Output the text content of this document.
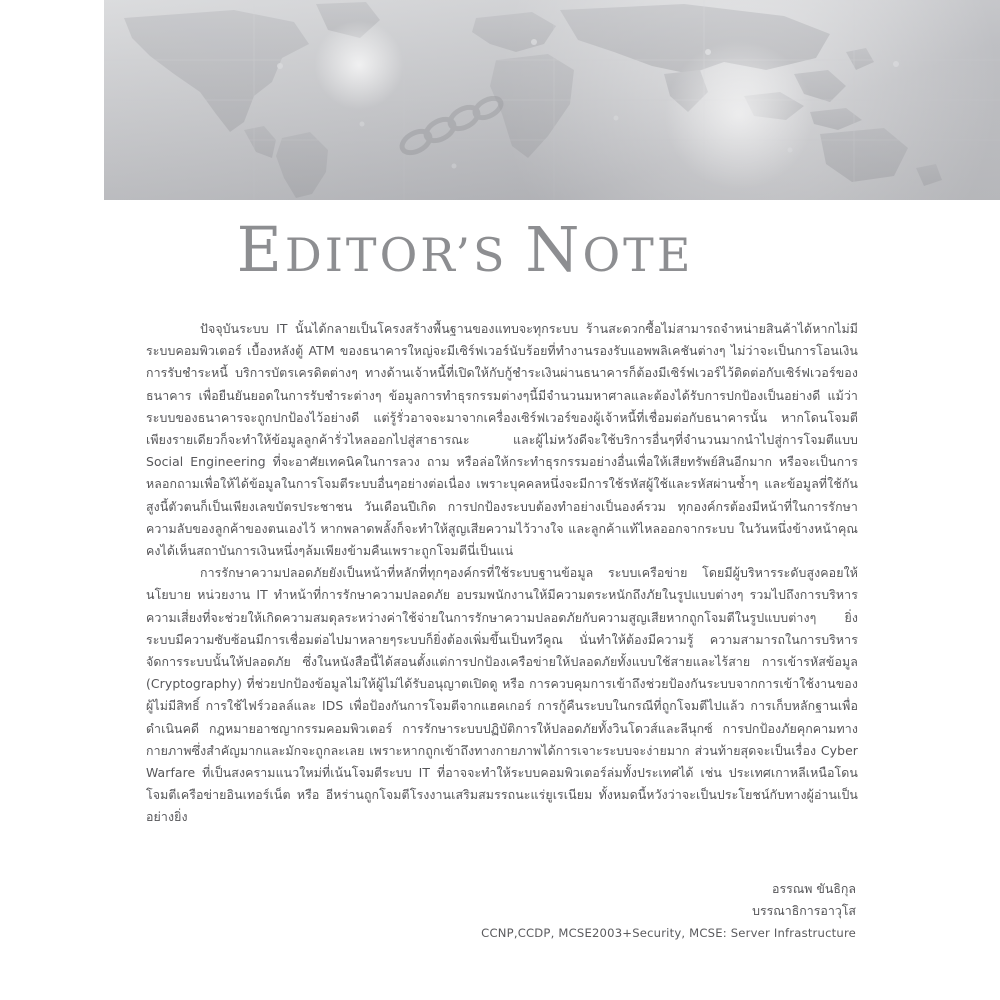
EDITOR’S NOTE

ปัจจุบันระบบ IT นั้นได้กลายเป็นโครงสร้างพื้นฐานของแทบจะทุกระบบ ร้านสะดวกซื้อไม่สามารถจำหน่ายสินค้าได้หากไม่มีระบบคอมพิวเตอร์ เบื้องหลังตู้ ATM ของธนาคารใหญ่จะมีเซิร์ฟเวอร์นับร้อยที่ทำงานรองรับแอพพลิเคชันต่างๆ ไม่ว่าจะเป็นการโอนเงิน การรับชำระหนี้ บริการบัตรเครดิตต่างๆ ทางด้านเจ้าหนี้ที่เปิดให้กับกู้ชำระเงินผ่านธนาคารก็ต้องมีเซิร์ฟเวอร์ไว้ติดต่อกับเซิร์ฟเวอร์ของธนาคาร เพื่อยืนยันยอดในการรับชำระต่างๆ ข้อมูลการทำธุรกรรมต่างๆนี้มีจำนวนมหาศาลและต้องได้รับการปกป้องเป็นอย่างดี แม้ว่าระบบของธนาคารจะถูกปกป้องไว้อย่างดี แต่รู้รั่วอาจจะมาจากเครื่องเซิร์ฟเวอร์ของผู้เจ้าหนี้ที่เชื่อมต่อกับธนาคารนั้น หากโดนโจมตีเพียงรายเดียวก็จะทำให้ข้อมูลลูกค้ารั่วไหลออกไปสู่สาธารณะ และผู้ไม่หวังดีจะใช้บริการอื่นๆที่จำนวนมากนำไปสู่การโจมตีแบบ Social Engineering ที่จะอาศัยเทคนิคในการลวง ถาม หรือล่อให้กระทำธุรกรรมอย่างอื่นเพื่อให้เสียทรัพย์สินอีกมาก หรือจะเป็นการหลอกถามเพื่อให้ได้ข้อมูลในการโจมตีระบบอื่นๆอย่างต่อเนื่อง เพราะบุคคลหนึ่งจะมีการใช้รหัสผู้ใช้และรหัสผ่านซ้ำๆ และข้อมูลที่ใช้กันสูงนี้ตัวตนก็เป็นเพียงเลขบัตรประชาชน วันเดือนปีเกิด การปกป้องระบบต้องทำอย่างเป็นองค์รวม ทุกองค์กรต้องมีหน้าที่ในการรักษาความลับของลูกค้าของตนเองไว้ หากพลาดพลั้งก็จะทำให้สูญเสียความไว้วางใจ และลูกค้าแท้ไหลออกจากระบบ ในวันหนึ่งข้างหน้าคุณคงได้เห็นสถาบันการเงินหนึ่งๆล้มเพียงข้ามคืนเพราะถูกโจมตีนี่เป็นแน่

การรักษาความปลอดภัยยังเป็นหน้าที่หลักที่ทุกๆองค์กรที่ใช้ระบบฐานข้อมูล ระบบเครือข่าย โดยมีผู้บริหารระดับสูงคอยให้นโยบาย หน่วยงาน IT ทำหน้าที่การรักษาความปลอดภัย อบรมพนักงานให้มีความตระหนักถึงภัยในรูปแบบต่างๆ รวมไปถึงการบริหารความเสี่ยงที่จะช่วยให้เกิดความสมดุลระหว่างค่าใช้จ่ายในการรักษาความปลอดภัยกับความสูญเสียหากถูกโจมตีในรูปแบบต่างๆ ยิ่งระบบมีความซับซ้อนมีการเชื่อมต่อไปมาหลายๆระบบก็ยิ่งต้องเพิ่มขึ้นเป็นทวีคูณ นั่นทำให้ต้องมีความรู้ ความสามารถในการบริหารจัดการระบบนั้นให้ปลอดภัย ซึ่งในหนังสือนี้ได้สอนตั้งแต่การปกป้องเครือข่ายให้ปลอดภัยทั้งแบบใช้สายและไร้สาย การเข้ารหัสข้อมูล (Cryptography) ที่ช่วยปกป้องข้อมูลไม่ให้ผู้ไม่ได้รับอนุญาตเปิดดู หรือ การควบคุมการเข้าถึงช่วยป้องกันระบบจากการเข้าใช้งานของผู้ไม่มีสิทธิ์ การใช้ไฟร์วอลล์และ IDS เพื่อป้องกันการโจมตีจากแฮคเกอร์ การกู้คืนระบบในกรณีที่ถูกโจมตีไปแล้ว การเก็บหลักฐานเพื่อดำเนินคดี กฎหมายอาชญากรรมคอมพิวเตอร์ การรักษาระบบปฏิบัติการให้ปลอดภัยทั้งวินโดวส์และลีนุกซ์ การปกป้องภัยคุกคามทางกายภาพซึ่งสำคัญมากและมักจะถูกละเลย เพราะหากถูกเข้าถึงทางกายภาพได้การเจาะระบบจะง่ายมาก ส่วนท้ายสุดจะเป็นเรื่อง Cyber Warfare ที่เป็นสงครามแนวใหม่ที่เน้นโจมตีระบบ IT ที่อาจจะทำให้ระบบคอมพิวเตอร์ล่มทั้งประเทศได้ เช่น ประเทศเกาหลีเหนือโดนโจมตีเครือข่ายอินเทอร์เน็ต หรือ อีหร่านถูกโจมตีโรงงานเสริมสมรรถนะแร่ยูเรเนียม ทั้งหมดนี้หวังว่าจะเป็นประโยชน์กับทางผู้อ่านเป็นอย่างยิ่ง

อรรณพ ขันธิกุล
บรรณาธิการอาวุโส
CCNP,CCDP, MCSE2003+Security, MCSE: Server Infrastructure
